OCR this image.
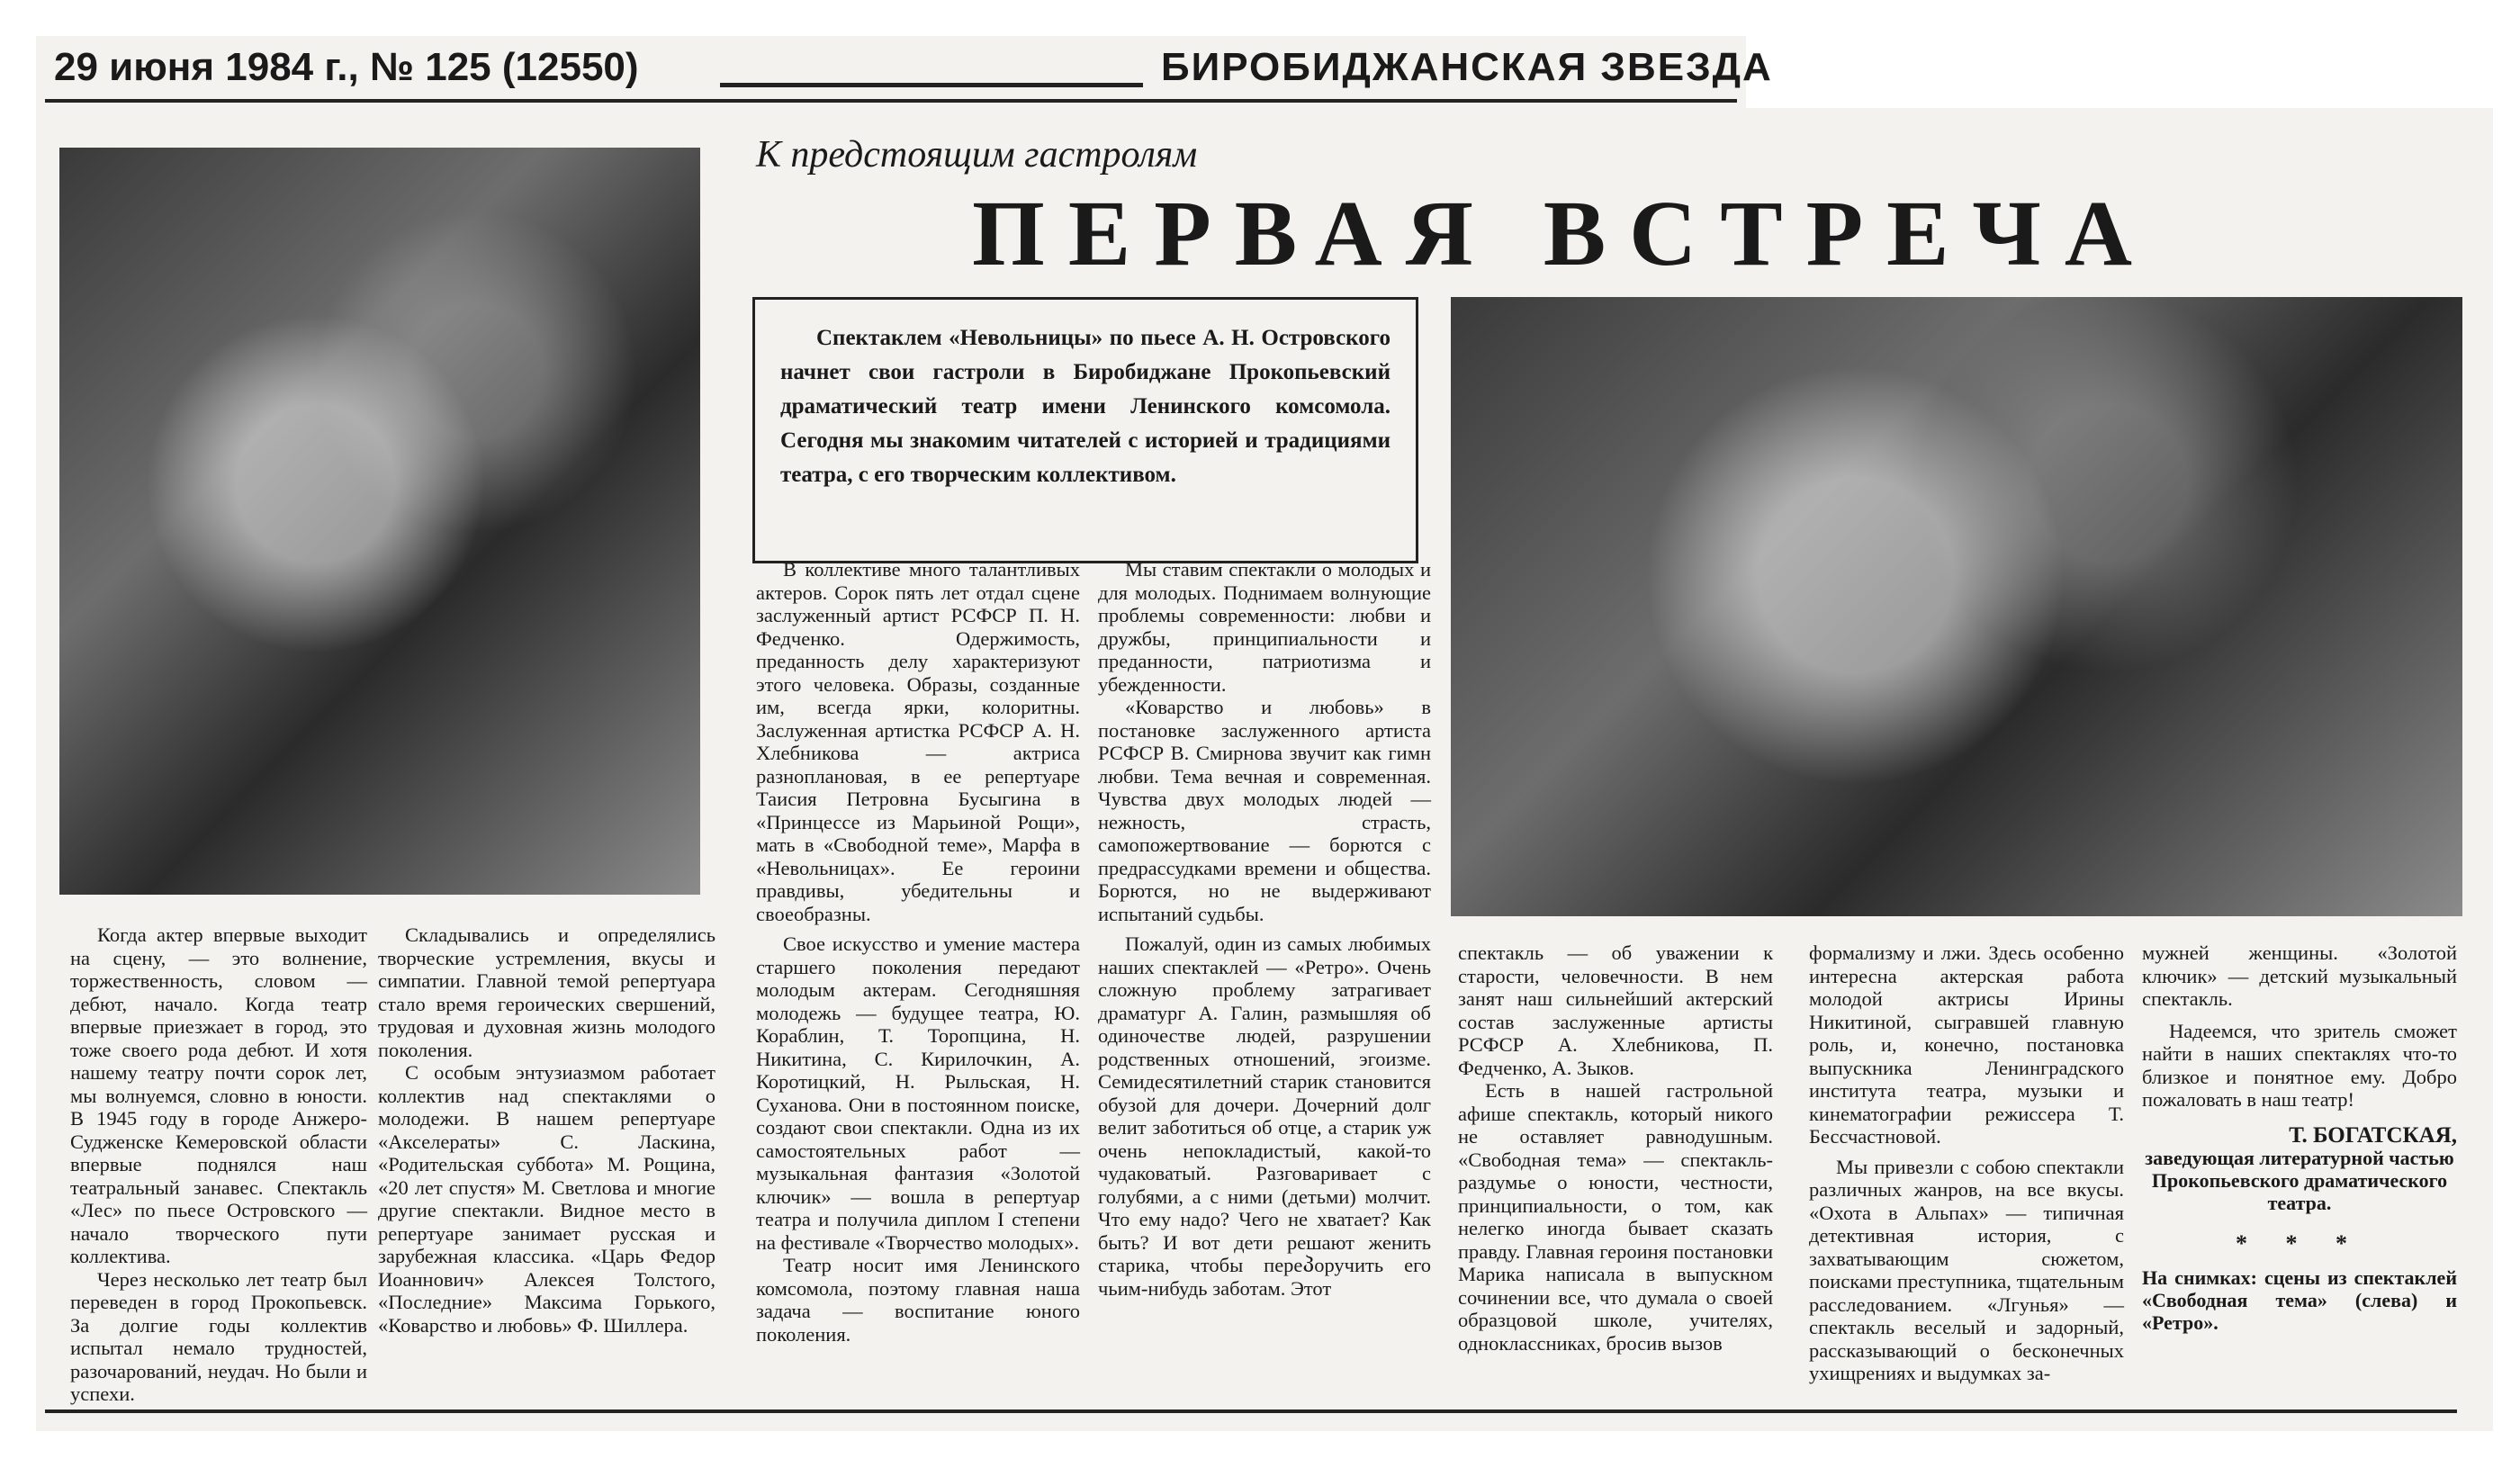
29 июня 1984 г., № 125 (12550)	БИРОБИДЖАНСКАЯ ЗВЕЗДА
К предстоящим гастролям
ПЕРВАЯ ВСТРЕЧА
Спектаклем «Невольницы» по пьесе А. Н. Островского начнет свои гастроли в Биробиджане Прокопьевский драматический театр имени Ленинского комсомола. Сегодня мы знакомим читателей с историей и традициями театра, с его творческим коллективом.

Когда актер впервые выходит на сцену, — это волнение, торжественность, словом — дебют, начало. Когда театр впервые приезжает в город, это тоже своего рода дебют. И хотя нашему театру почти сорок лет, мы волнуемся, словно в юности. В 1945 году в городе Анжеро-Судженске Кемеровской области впервые поднялся наш театральный занавес. Спектакль «Лес» по пьесе Островского — начало творческого пути коллектива.

Через несколько лет театр был переведен в город Прокопьевск. За долгие годы коллектив испытал немало трудностей, разочарований, неудач. Но были и успехи.

Складывались и определялись творческие устремления, вкусы и симпатии. Главной темой репертуара стало время героических свершений, трудовая и духовная жизнь молодого поколения.

С особым энтузиазмом работает коллектив над спектаклями о молодежи. В нашем репертуаре «Акселераты» С. Ласкина, «Родительская суббота» М. Рощина, «20 лет спустя» М. Светлова и многие другие спектакли. Видное место в репертуаре занимает русская и зарубежная классика. «Царь Федор Иоаннович» Алексея Толстого, «Последние» Максима Горького, «Коварство и любовь» Ф. Шиллера.

В коллективе много талантливых актеров. Сорок пять лет отдал сцене заслуженный артист РСФСР П. Н. Федченко. Одержимость, преданность делу характеризуют этого человека. Образы, созданные им, всегда ярки, колоритны. Заслуженная артистка РСФСР А. Н. Хлебникова — актриса разноплановая, в ее репертуаре Таисия Петровна Бусыгина в «Принцессе из Марьиной Рощи», мать в «Свободной теме», Марфа в «Невольницах». Ее героини правдивы, убедительны и своеобразны.

Свое искусство и умение мастера старшего поколения передают молодым актерам. Сегодняшняя молодежь — будущее театра, Ю. Кораблин, Т. Торопцина, Н. Никитина, С. Кирилочкин, А. Коротицкий, Н. Рыльская, Н. Суханова. Они в постоянном поиске, создают свои спектакли. Одна из их самостоятельных работ — музыкальная фантазия «Золотой ключик» — вошла в репертуар театра и получила диплом I степени на фестивале «Творчество молодых».

Театр носит имя Ленинского комсомола, поэтому главная наша задача — воспитание юного поколения.

Мы ставим спектакли о молодых и для молодых. Поднимаем волнующие проблемы современности: любви и дружбы, принципиальности и преданности, патриотизма и убежденности.

«Коварство и любовь» в постановке заслуженного артиста РСФСР В. Смирнова звучит как гимн любви. Тема вечная и современная. Чувства двух молодых людей — нежность, страсть, самопожертвование — борются с предрассудками времени и общества. Борются, но не выдерживают испытаний судьбы.

Пожалуй, один из самых любимых наших спектаклей — «Ретро». Очень сложную проблему затрагивает драматург А. Галин, размышляя об одиночестве людей, разрушении родственных отношений, эгоизме. Семидесятилетний старик становится обузой для дочери. Дочерний долг велит заботиться об отце, а старик уж очень непокладистый, какой-то чудаковатый. Разговаривает с голубями, а с ними (детьми) молчит. Что ему надо? Чего не хватает? Как быть? И вот дети решают женить старика, чтобы переპоручить его чьим-нибудь заботам. Этот

спектакль — об уважении к старости, человечности. В нем занят наш сильнейший актерский состав заслуженные артисты РСФСР А. Хлебникова, П. Федченко, А. Зыков.

Есть в нашей гастрольной афише спектакль, который никого не оставляет равнодушным. «Свободная тема» — спектакль-раздумье о юности, честности, принципиальности, о том, как нелегко иногда бывает сказать правду. Главная героиня постановки Марика написала в выпускном сочинении все, что думала о своей образцовой школе, учителях, одноклассниках, бросив вызов

формализму и лжи. Здесь особенно интересна актерская работа молодой актрисы Ирины Никитиной, сыгравшей главную роль, и, конечно, постановка выпускника Ленинградского института театра, музыки и кинематографии режиссера Т. Бессчастновой.

Мы привезли с собою спектакли различных жанров, на все вкусы. «Охота в Альпах» — типичная детективная история, с захватывающим сюжетом, поисками преступника, тщательным расследованием. «Лгунья» — спектакль веселый и задорный, рассказывающий о бесконечных ухищрениях и выдумках за-

мужней женщины. «Золотой ключик» — детский музыкальный спектакль.

Надеемся, что зритель сможет найти в наших спектаклях что-то близкое и понятное ему. Добро пожаловать в наш театр!

Т. БОГАТСКАЯ,
заведующая литературной частью Прокопьевского драматического театра.
* * *
На снимках: сцены из спектаклей «Свободная тема» (слева) и «Ретро».
